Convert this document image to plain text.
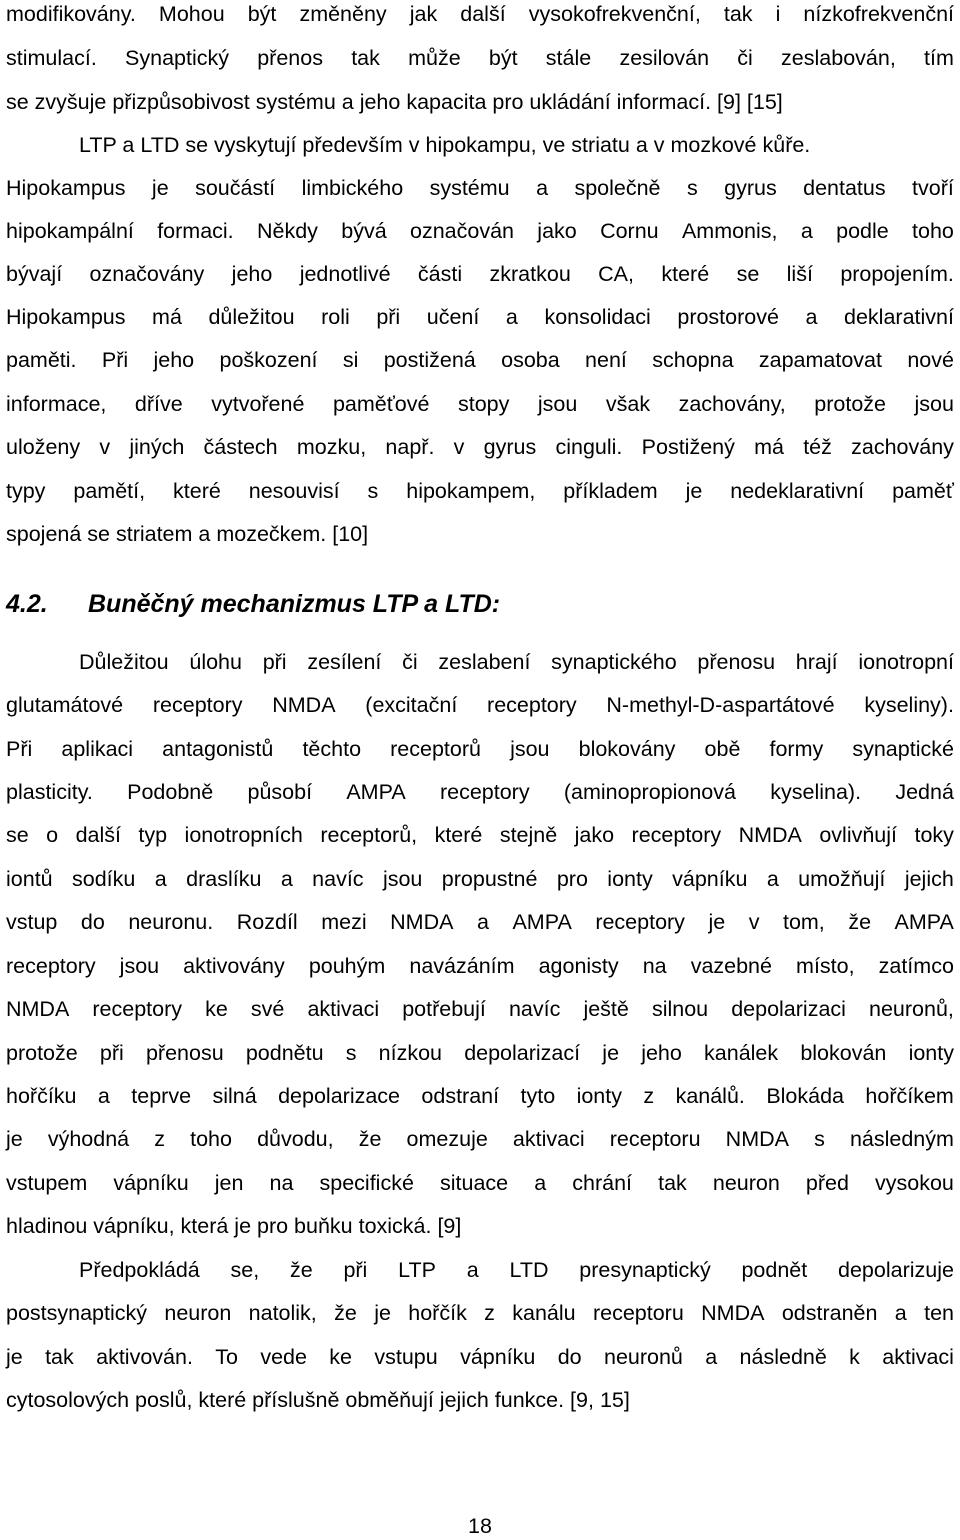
modifikovány. Mohou být změněny jak další vysokofrekvenční, tak i nízkofrekvenční
stimulací. Synaptický přenos tak může být stále zesilován či zeslabován, tím
se zvyšuje přizpůsobivost systému a jeho kapacita pro ukládání informací. [9] [15]
LTP a LTD se vyskytují především v hipokampu, ve striatu a v mozkové kůře.
Hipokampus je součástí limbického systému a společně s gyrus dentatus tvoří
hipokampální formaci. Někdy bývá označován jako Cornu Ammonis, a podle toho
bývají označovány jeho jednotlivé části zkratkou CA, které se liší propojením.
Hipokampus má důležitou roli při učení a konsolidaci prostorové a deklarativní
paměti. Při jeho poškození si postižená osoba není schopna zapamatovat nové
informace, dříve vytvořené paměťové stopy jsou však zachovány, protože jsou
uloženy v jiných částech mozku, např. v gyrus cinguli. Postižený má též zachovány
typy pamětí, které nesouvisí s hipokampem, příkladem je nedeklarativní paměť
spojená se striatem a mozečkem. [10]
4.2. Buněčný mechanizmus LTP a LTD:
Důležitou úlohu při zesílení či zeslabení synaptického přenosu hrají ionotropní
glutamátové receptory NMDA (excitační receptory N-methyl-D-aspartátové kyseliny).
Při aplikaci antagonistů těchto receptorů jsou blokovány obě formy synaptické
plasticity. Podobně působí AMPA receptory (aminopropionová kyselina). Jedná
se o další typ ionotropních receptorů, které stejně jako receptory NMDA ovlivňují toky
iontů sodíku a draslíku a navíc jsou propustné pro ionty vápníku a umožňují jejich
vstup do neuronu. Rozdíl mezi NMDA a AMPA receptory je v tom, že AMPA
receptory jsou aktivovány pouhým navázáním agonisty na vazebné místo, zatímco
NMDA receptory ke své aktivaci potřebují navíc ještě silnou depolarizaci neuronů,
protože při přenosu podnětu s nízkou depolarizací je jeho kanálek blokován ionty
hořčíku a teprve silná depolarizace odstraní tyto ionty z kanálů. Blokáda hořčíkem
je výhodná z toho důvodu, že omezuje aktivaci receptoru NMDA s následným
vstupem vápníku jen na specifické situace a chrání tak neuron před vysokou
hladinou vápníku, která je pro buňku toxická. [9]
Předpokládá se, že při LTP a LTD presynaptický podnět depolarizuje
postsynaptický neuron natolik, že je hořčík z kanálu receptoru NMDA odstraněn a ten
je tak aktivován. To vede ke vstupu vápníku do neuronů a následně k aktivaci
cytosolových poslů, které příslušně obměňují jejich funkce. [9, 15]
18
